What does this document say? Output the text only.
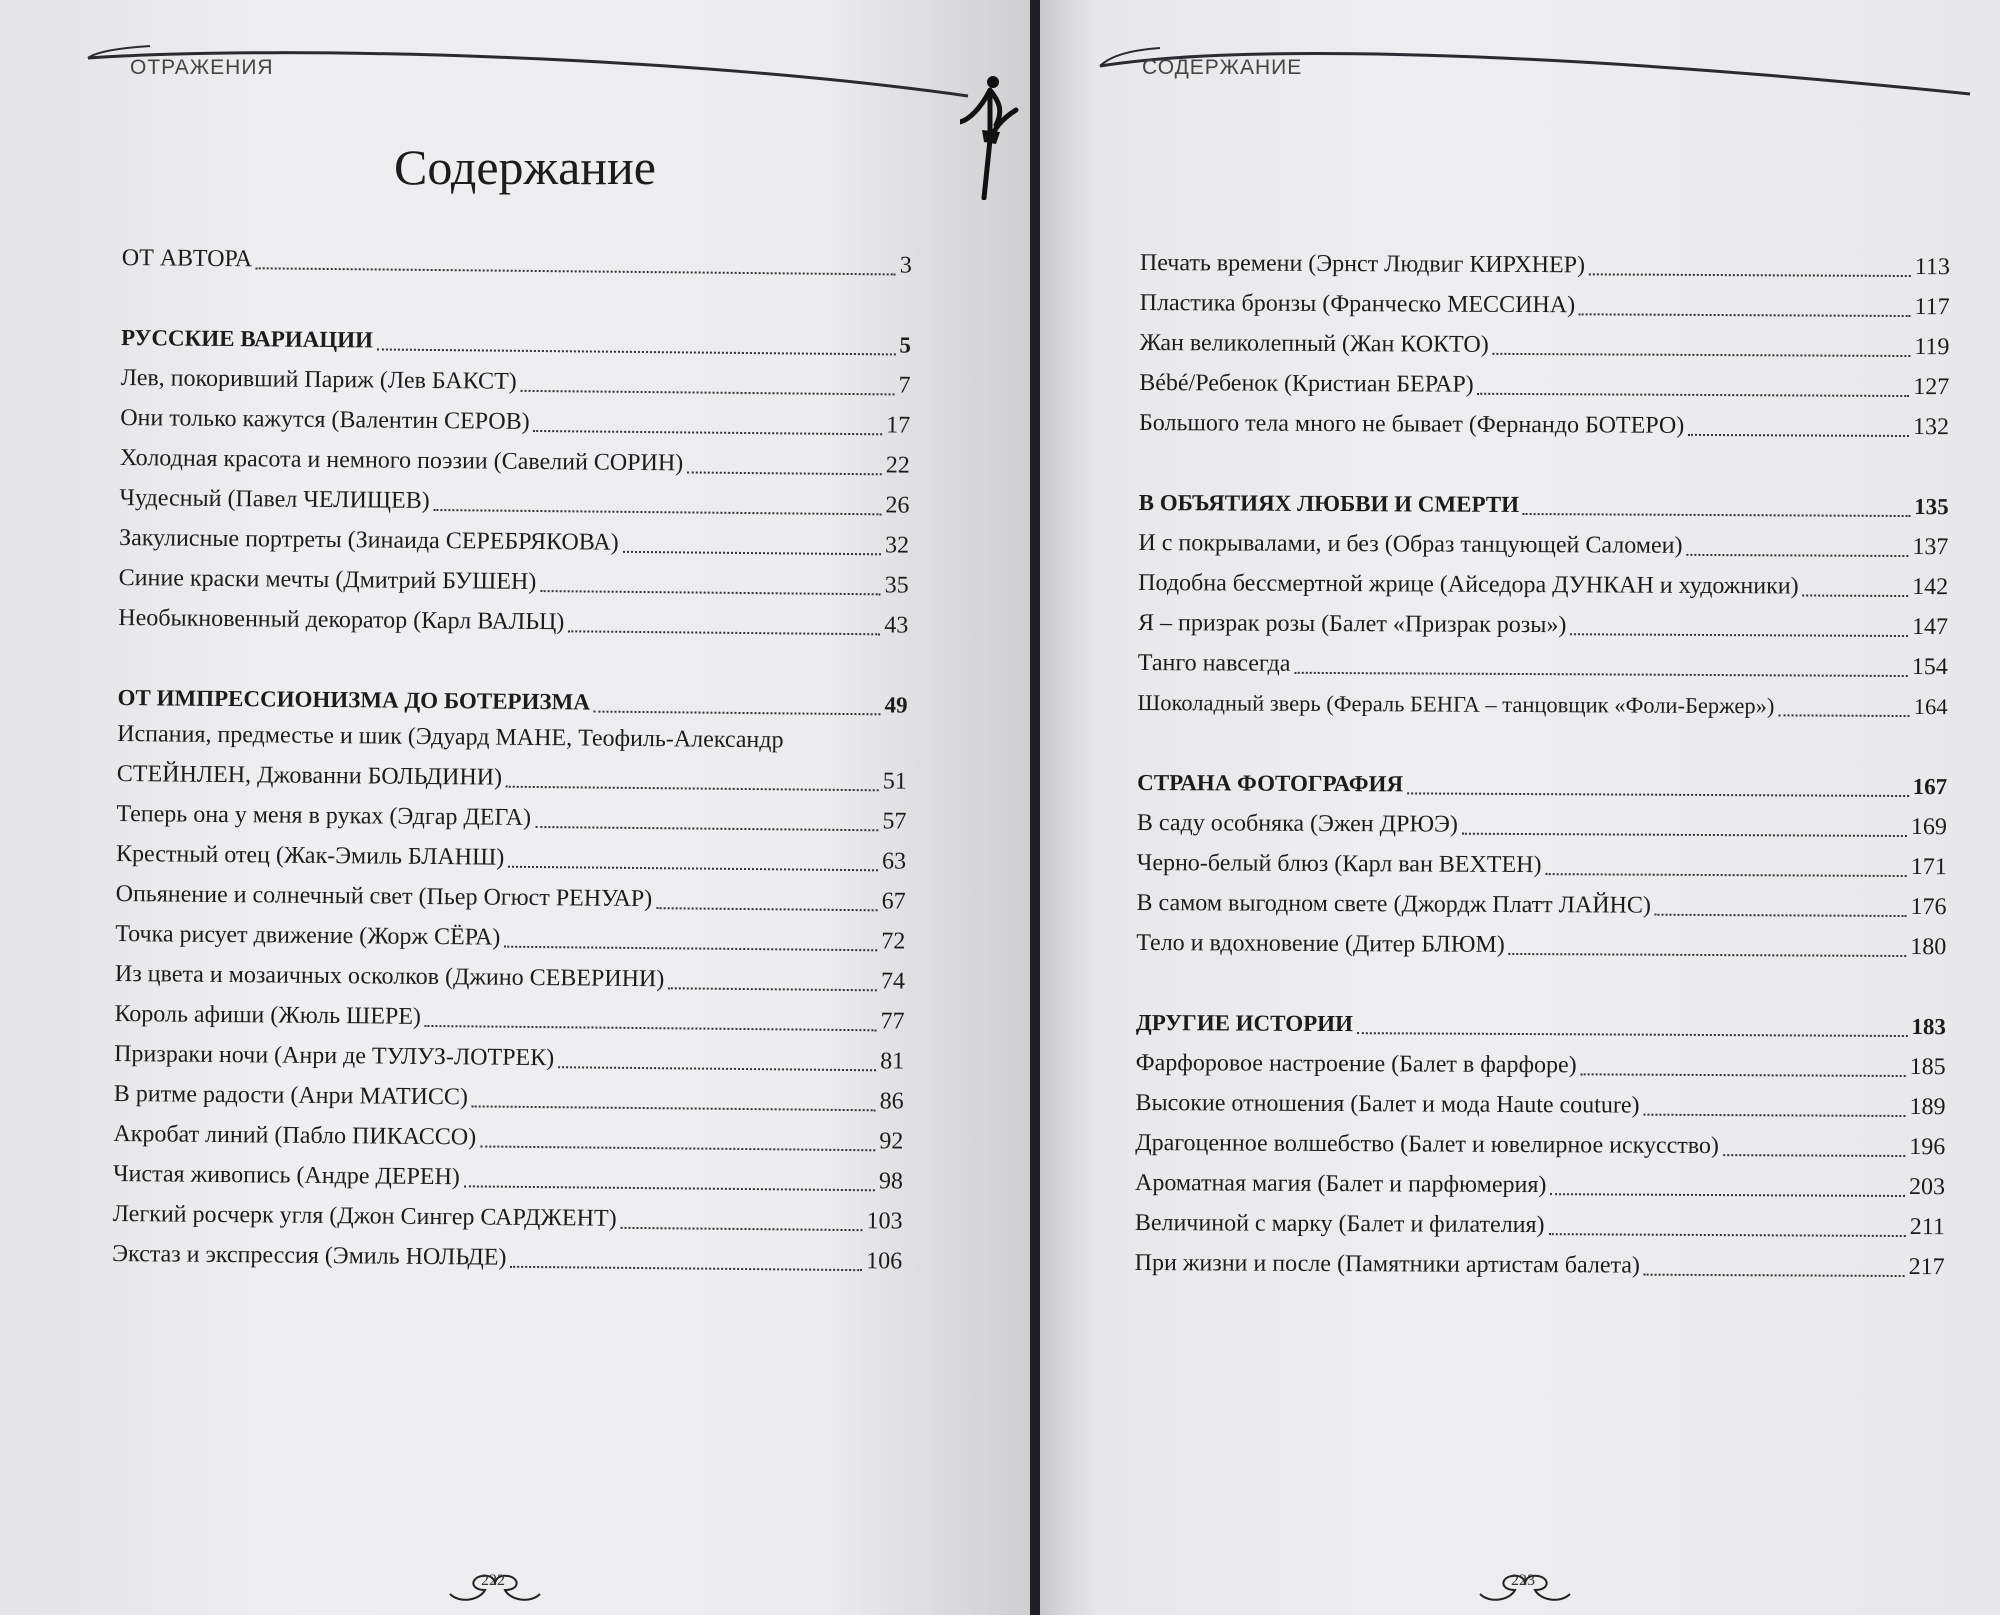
ОТРАЖЕНИЯ
Содержание
ОТ АВТОРА	3
РУССКИЕ ВАРИАЦИИ	5
Лев, покоривший Париж (Лев БАКСТ)	7
Они только кажутся (Валентин СЕРОВ)	17
Холодная красота и немного поэзии (Савелий СОРИН)	22
Чудесный (Павел ЧЕЛИЩЕВ)	26
Закулисные портреты (Зинаида СЕРЕБРЯКОВА)	32
Синие краски мечты (Дмитрий БУШЕН)	35
Необыкновенный декоратор (Карл ВАЛЬЦ)	43
ОТ ИМПРЕССИОНИЗМА ДО БОТЕРИЗМА	49
Испания, предместье и шик (Эдуард МАНЕ, Теофиль-Александр
СТЕЙНЛЕН, Джованни БОЛЬДИНИ)	51
Теперь она у меня в руках (Эдгар ДЕГА)	57
Крестный отец (Жак-Эмиль БЛАНШ)	63
Опьянение и солнечный свет (Пьер Огюст РЕНУАР)	67
Точка рисует движение (Жорж СЁРА)	72
Из цвета и мозаичных осколков (Джино СЕВЕРИНИ)	74
Король афиши (Жюль ШЕРЕ)	77
Призраки ночи (Анри де ТУЛУЗ-ЛОТРЕК)	81
В ритме радости (Анри МАТИСС)	86
Акробат линий (Пабло ПИКАССО)	92
Чистая живопись (Андре ДЕРЕН)	98
Легкий росчерк угля (Джон Сингер САРДЖЕНТ)	103
Экстаз и экспрессия (Эмиль НОЛЬДЕ)	106
222
СОДЕРЖАНИЕ
Печать времени (Эрнст Людвиг КИРХНЕР)	113
Пластика бронзы (Франческо МЕССИНА)	117
Жан великолепный (Жан КОКТО)	119
Bébé/Ребенок (Кристиан БЕРАР)	127
Большого тела много не бывает (Фернандо БОТЕРО)	132
В ОБЪЯТИЯХ ЛЮБВИ И СМЕРТИ	135
И с покрывалами, и без (Образ танцующей Саломеи)	137
Подобна бессмертной жрице (Айседора ДУНКАН и художники)	142
Я – призрак розы (Балет «Призрак розы»)	147
Танго навсегда	154
Шоколадный зверь (Фераль БЕНГА – танцовщик «Фоли-Бержер»)	164
СТРАНА ФОТОГРАФИЯ	167
В саду особняка (Эжен ДРЮЭ)	169
Черно-белый блюз (Карл ван ВЕХТЕН)	171
В самом выгодном свете (Джордж Платт ЛАЙНС)	176
Тело и вдохновение (Дитер БЛЮМ)	180
ДРУГИЕ ИСТОРИИ	183
Фарфоровое настроение (Балет в фарфоре)	185
Высокие отношения (Балет и мода Haute couture)	189
Драгоценное волшебство (Балет и ювелирное искусство)	196
Ароматная магия (Балет и парфюмерия)	203
Величиной с марку (Балет и филателия)	211
При жизни и после (Памятники артистам балета)	217
223
